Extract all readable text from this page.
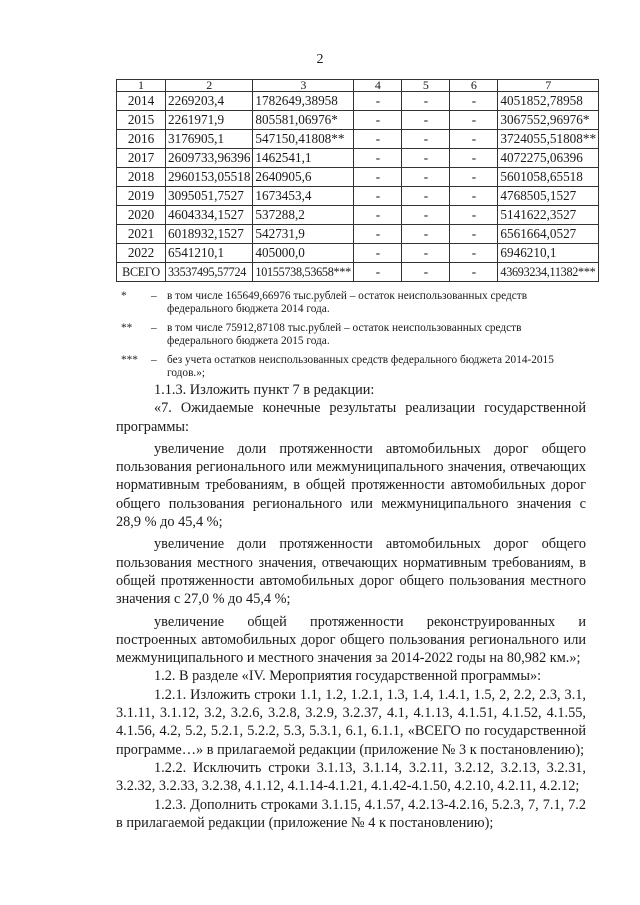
2
1	2	3	4	5	6	7
2014	2269203,4	1782649,38958	-	-	-	4051852,78958
2015	2261971,9	805581,06976*	-	-	-	3067552,96976*
2016	3176905,1	547150,41808**	-	-	-	3724055,51808**
2017	2609733,96396	1462541,1	-	-	-	4072275,06396
2018	2960153,05518	2640905,6	-	-	-	5601058,65518
2019	3095051,7527	1673453,4	-	-	-	4768505,1527
2020	4604334,1527	537288,2	-	-	-	5141622,3527
2021	6018932,1527	542731,9	-	-	-	6561664,0527
2022	6541210,1	405000,0	-	-	-	6946210,1
ВСЕГО	33537495,57724	10155738,53658***	-	-	-	43693234,11382***
*	– в том числе 165649,66976 тыс.рублей – остаток неиспользованных средств федерального бюджета 2014 года.
**	– в том числе 75912,87108 тыс.рублей – остаток неиспользованных средств федерального бюджета 2015 года.
***	– без учета остатков неиспользованных средств федерального бюджета 2014-2015 годов.»;

1.1.3. Изложить пункт 7 в редакции:

«7. Ожидаемые конечные результаты реализации государственной программы:

увеличение доли протяженности автомобильных дорог общего пользования регионального или межмуниципального значения, отвечающих нормативным требованиям, в общей протяженности автомобильных дорог общего пользования регионального или межмуниципального значения с 28,9 % до 45,4 %;

увеличение доли протяженности автомобильных дорог общего пользования местного значения, отвечающих нормативным требованиям, в общей протяженности автомобильных дорог общего пользования местного значения с 27,0 % до 45,4 %;

увеличение общей протяженности реконструированных и построенных автомобильных дорог общего пользования регионального или межмуниципального и местного значения за 2014-2022 годы на 80,982 км.»;

1.2. В разделе «IV. Мероприятия государственной программы»:

1.2.1. Изложить строки 1.1, 1.2, 1.2.1, 1.3, 1.4, 1.4.1, 1.5, 2, 2.2, 2.3, 3.1, 3.1.11, 3.1.12, 3.2, 3.2.6, 3.2.8, 3.2.9, 3.2.37, 4.1, 4.1.13, 4.1.51, 4.1.52, 4.1.55, 4.1.56, 4.2, 5.2, 5.2.1, 5.2.2, 5.3, 5.3.1, 6.1, 6.1.1, «ВСЕГО по государственной программе…» в прилагаемой редакции (приложение № 3 к постановлению);

1.2.2. Исключить строки 3.1.13, 3.1.14, 3.2.11, 3.2.12, 3.2.13, 3.2.31, 3.2.32, 3.2.33, 3.2.38, 4.1.12, 4.1.14-4.1.21, 4.1.42-4.1.50, 4.2.10, 4.2.11, 4.2.12;

1.2.3. Дополнить строками 3.1.15, 4.1.57, 4.2.13-4.2.16, 5.2.3, 7, 7.1, 7.2 в прилагаемой редакции (приложение № 4 к постановлению);
